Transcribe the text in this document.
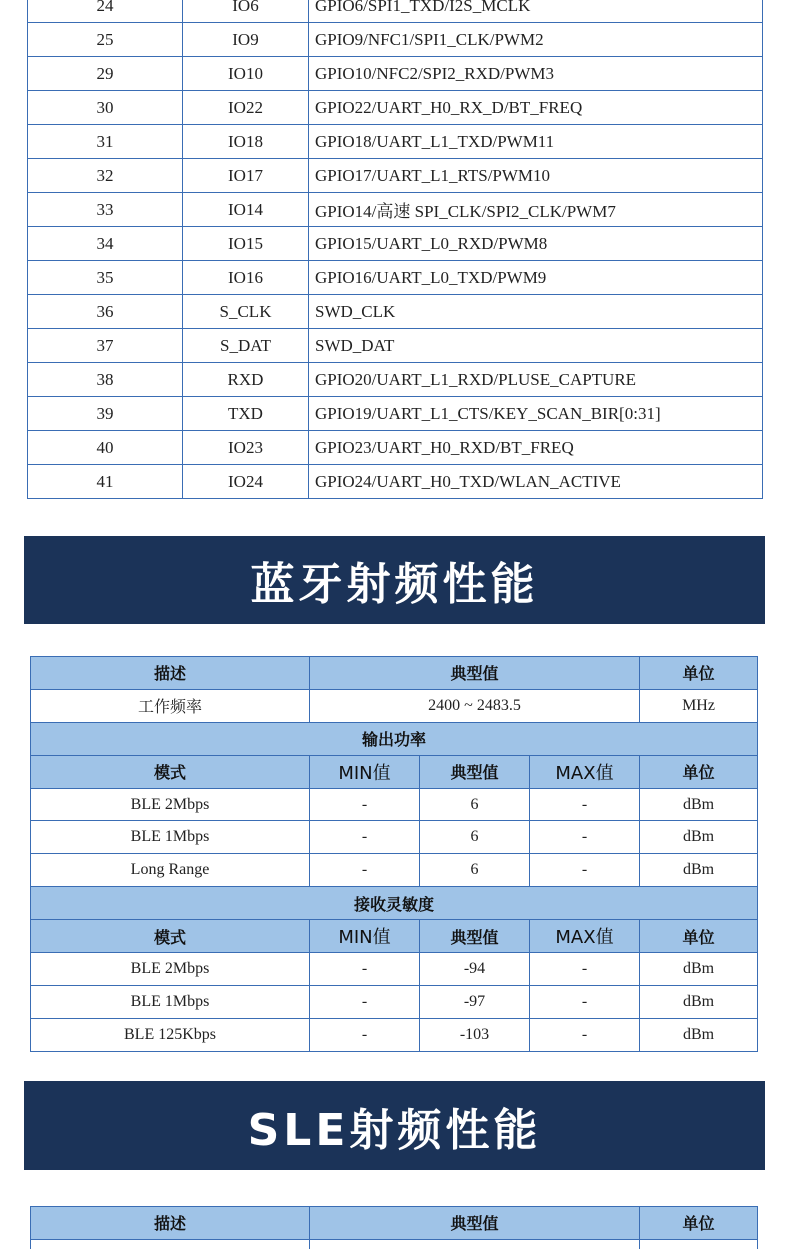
24	IO6	GPIO6/SPI1_TXD/I2S_MCLK
25	IO9	GPIO9/NFC1/SPI1_CLK/PWM2
29	IO10	GPIO10/NFC2/SPI2_RXD/PWM3
30	IO22	GPIO22/UART_H0_RX_D/BT_FREQ
31	IO18	GPIO18/UART_L1_TXD/PWM11
32	IO17	GPIO17/UART_L1_RTS/PWM10
33	IO14	GPIO14/高速 SPI_CLK/SPI2_CLK/PWM7
34	IO15	GPIO15/UART_L0_RXD/PWM8
35	IO16	GPIO16/UART_L0_TXD/PWM9
36	S_CLK	SWD_CLK
37	S_DAT	SWD_DAT
38	RXD	GPIO20/UART_L1_RXD/PLUSE_CAPTURE
39	TXD	GPIO19/UART_L1_CTS/KEY_SCAN_BIR[0:31]
40	IO23	GPIO23/UART_H0_RXD/BT_FREQ
41	IO24	GPIO24/UART_H0_TXD/WLAN_ACTIVE
蓝牙射频性能
描述	典型值			单位
工作频率	2400 ~ 2483.5			MHz
输出功率				
模式	MIN值	典型值	MAX值	单位
BLE 2Mbps	-	6	-	dBm
BLE 1Mbps	-	6	-	dBm
Long Range	-	6	-	dBm
接收灵敏度				
模式	MIN值	典型值	MAX值	单位
BLE 2Mbps	-	-94	-	dBm
BLE 1Mbps	-	-97	-	dBm
BLE 125Kbps	-	-103	-	dBm
SLE射频性能
描述	典型值	单位
